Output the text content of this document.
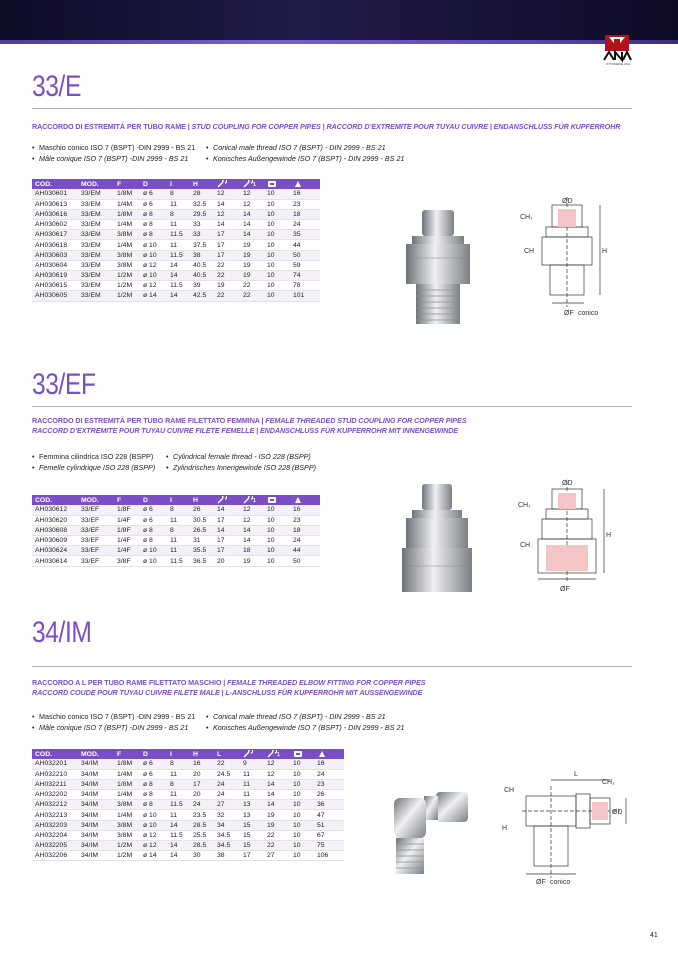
OTTONERIE ANA
33/E
RACCORDO DI ESTREMITÀ PER TUBO RAME | STUD COUPLING FOR COPPER PIPES | RACCORD D’EXTREMITE POUR TUYAU CUIVRE | ENDANSCHLUSS FÜR KUPFERROHR
• Maschio conico ISO 7 (BSPT) -DIN 2999 - BS 21 • Conical male thread ISO 7 (BSPT) - DIN 2999 - BS 21
• Mâle conique ISO 7 (BSPT) -DIN 2999 - BS 21 • Konisches Außengewinde ISO 7 (BSPT) - DIN 2999 - BS 21
COD.	MOD.	F	D	I	H		1		
AH030601	33/EM	1/8M	ø 6	8	28	12	12	10	16
AH030613	33/EM	1/4M	ø 6	11	32.5	14	12	10	23
AH030616	33/EM	1/8M	ø 8	8	29.5	12	14	10	18
AH030602	33/EM	1/4M	ø 8	11	33	14	14	10	24
AH030617	33/EM	3/8M	ø 8	11.5	33	17	14	10	35
AH030618	33/EM	1/4M	ø 10	11	37.5	17	19	10	44
AH030603	33/EM	3/8M	ø 10	11.5	38	17	19	10	50
AH030604	33/EM	3/8M	ø 12	14	40.5	22	19	10	59
AH030619	33/EM	1/2M	ø 10	14	40.5	22	19	10	74
AH030615	33/EM	1/2M	ø 12	11.5	39	19	22	10	78
AH030605	33/EM	1/2M	ø 14	14	42.5	22	22	10	101
ØD
CH₁
CH	H
ØF conico
33/EF
RACCORDO DI ESTREMITÀ PER TUBO RAME FILETTATO FEMMINA | FEMALE THREADED STUD COUPLING FOR COPPER PIPES
RACCORD D’EXTREMITE POUR TUYAU CUIVRE FILETE FEMELLE | ENDANSCHLUSS FÜR KUPFERROHR MIT INNENGEWINDE
• Femmina cilindrica ISO 228 (BSPP) • Cylindrical female thread - ISO 228 (BSPP)
• Femelle cylindrique ISO 228 (BSPP) • Zylindrisches Innengewinde ISO 228 (BSPP)
COD.	MOD.	F	D	I	H		1		
AH030612	33/EF	1/8F	ø 6	8	26	14	12	10	16
AH030620	33/EF	1/4F	ø 6	11	30.5	17	12	10	23
AH030608	33/EF	1/8F	ø 8	8	26.5	14	14	10	18
AH030609	33/EF	1/4F	ø 8	11	31	17	14	10	24
AH030624	33/EF	1/4F	ø 10	11	35.5	17	18	10	44
AH030614	33/EF	3/8F	ø 10	11.5	36.5	20	19	10	50
ØD
CH₁
CH
H
ØF
34/IM
RACCORDO A L PER TUBO RAME FILETTATO MASCHIO | FEMALE THREADED ELBOW FITTING FOR COPPER PIPES
RACCORD COUDE POUR TUYAU CUIVRE FILETE MALE | L-ANSCHLUSS FÜR KUPFERROHR MIT AUSSENGEWINDE
• Maschio conico ISO 7 (BSPT) -DIN 2999 - BS 21 • Conical male thread ISO 7 (BSPT) - DIN 2999 - BS 21
• Mâle conique ISO 7 (BSPT) -DIN 2999 - BS 21 • Konisches Außengewinde ISO 7 (BSPT) - DIN 2999 - BS 21
COD.	MOD.	F	D	I	H	L		1		
AH032201	34/IM	1/8M	ø 6	8	16	22	9	12	10	16
AH032210	34/IM	1/4M	ø 6	11	20	24.5	11	12	10	24
AH032211	34/IM	1/8M	ø 8	8	17	24	11	14	10	23
AH032202	34/IM	1/4M	ø 8	11	20	24	11	14	10	26
AH032212	34/IM	3/8M	ø 8	11.5	24	27	13	14	10	36
AH032213	34/IM	1/4M	ø 10	11	23.5	32	13	19	10	47
AH032203	34/IM	3/8M	ø 10	14	28.5	34	15	19	10	51
AH032204	34/IM	3/8M	ø 12	11.5	25.5	34.5	15	22	10	67
AH032205	34/IM	1/2M	ø 12	14	28.5	34.5	15	22	10	75
AH032206	34/IM	1/2M	ø 14	14	30	38	17	27	10	106
L
CH₁
CH
H
ØD
ØF conico
41
